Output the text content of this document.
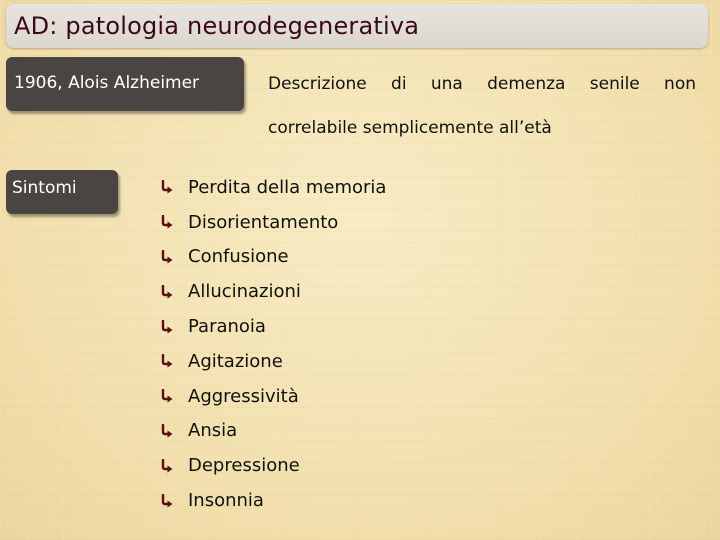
AD: patologia neurodegenerativa
1906, Alois Alzheimer	Descrizione di una demenza senile non correlabile semplicemente all’età
Sintomi	Perdita della memoria
Disorientamento
Confusione
Allucinazioni
Paranoia
Agitazione
Aggressività
Ansia
Depressione
Insonnia
